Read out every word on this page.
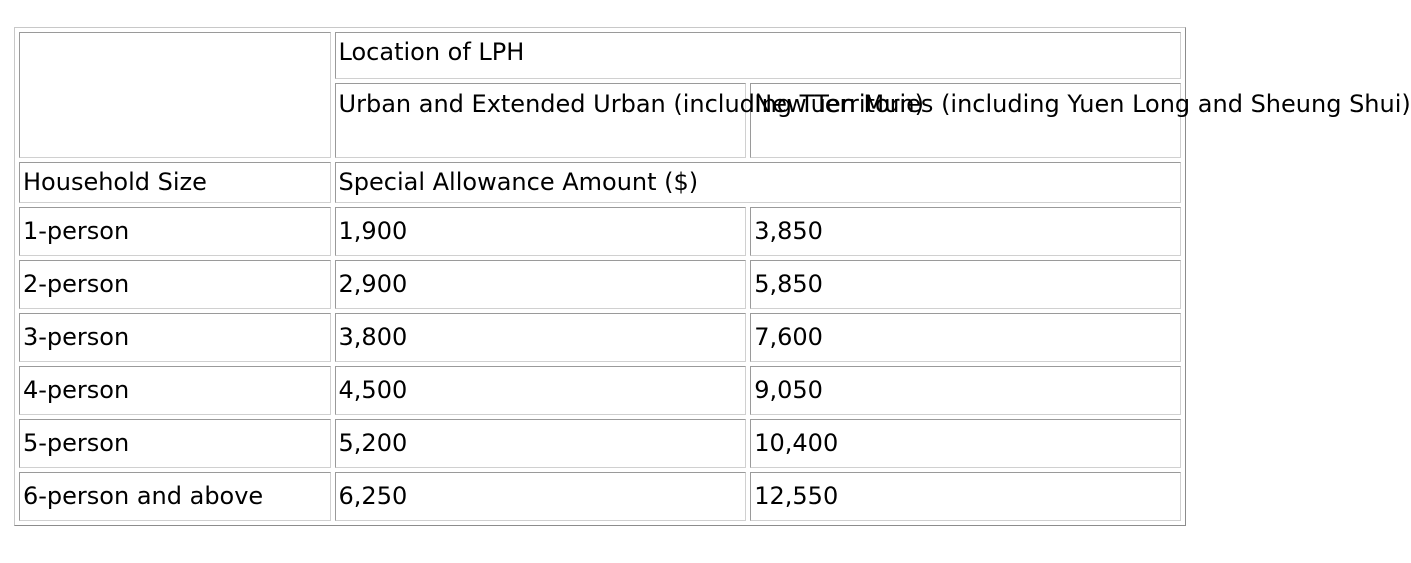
	Location of LPH	
	Urban and Extended Urban (including Tuen Mun)	New Territories (including Yuen Long and Sheung Shui)
Household Size	Special Allowance Amount ($)	
1-person	1,900	3,850
2-person	2,900	5,850
3-person	3,800	7,600
4-person	4,500	9,050
5-person	5,200	10,400
6-person and above	6,250	12,550
